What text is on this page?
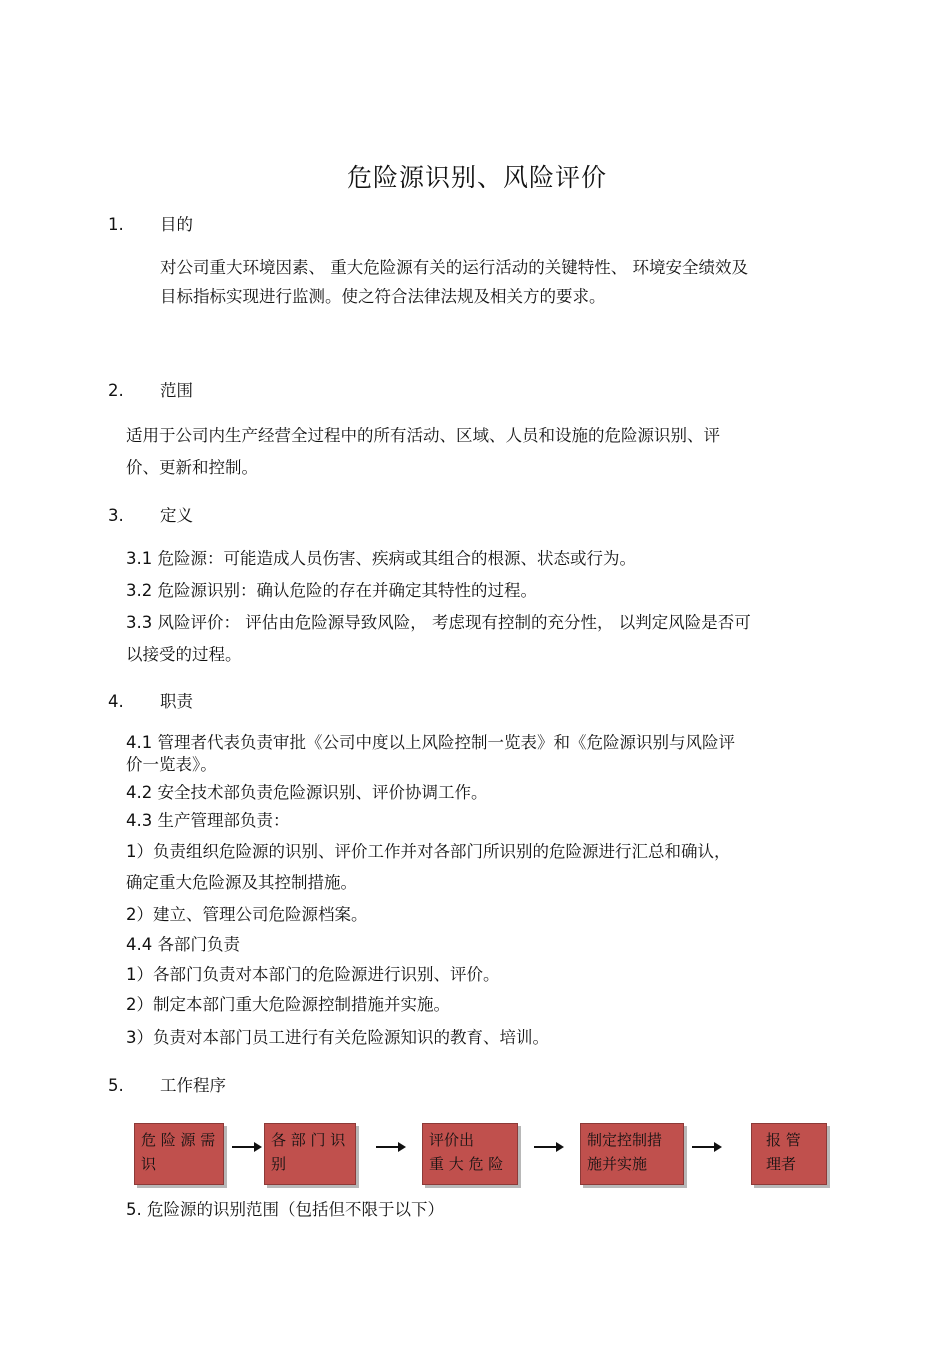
危险源识别、风险评价
1. 目的
对公司重大环境因素、 重大危险源有关的运行活动的关键特性、 环境安全绩效及
目标指标实现进行监测。使之符合法律法规及相关方的要求。
2. 范围
适用于公司内生产经营全过程中的所有活动、区域、人员和设施的危险源识别、评
价、更新和控制。
3. 定义
3.1 危险源：可能造成人员伤害、疾病或其组合的根源、状态或行为。
3.2 危险源识别：确认危险的存在并确定其特性的过程。
3.3 风险评价： 评估由危险源导致风险， 考虑现有控制的充分性， 以判定风险是否可
以接受的过程。
4. 职责
4.1 管理者代表负责审批《公司中度以上风险控制一览表》和《危险源识别与风险评
价一览表》。
4.2 安全技术部负责危险源识别、评价协调工作。
4.3 生产管理部负责：
1）负责组织危险源的识别、评价工作并对各部门所识别的危险源进行汇总和确认，
确定重大危险源及其控制措施。
2）建立、管理公司危险源档案。
4.4 各部门负责
1）各部门负责对本部门的危险源进行识别、评价。
2）制定本部门重大危险源控制措施并实施。
3）负责对本部门员工进行有关危险源知识的教育、培训。
5. 工作程序
危 险 源 需
识
各 部 门 识
别
评价出
重 大 危 险
制定控制措
施并实施
报 管
理者
5. 危险源的识别范围（包括但不限于以下）
